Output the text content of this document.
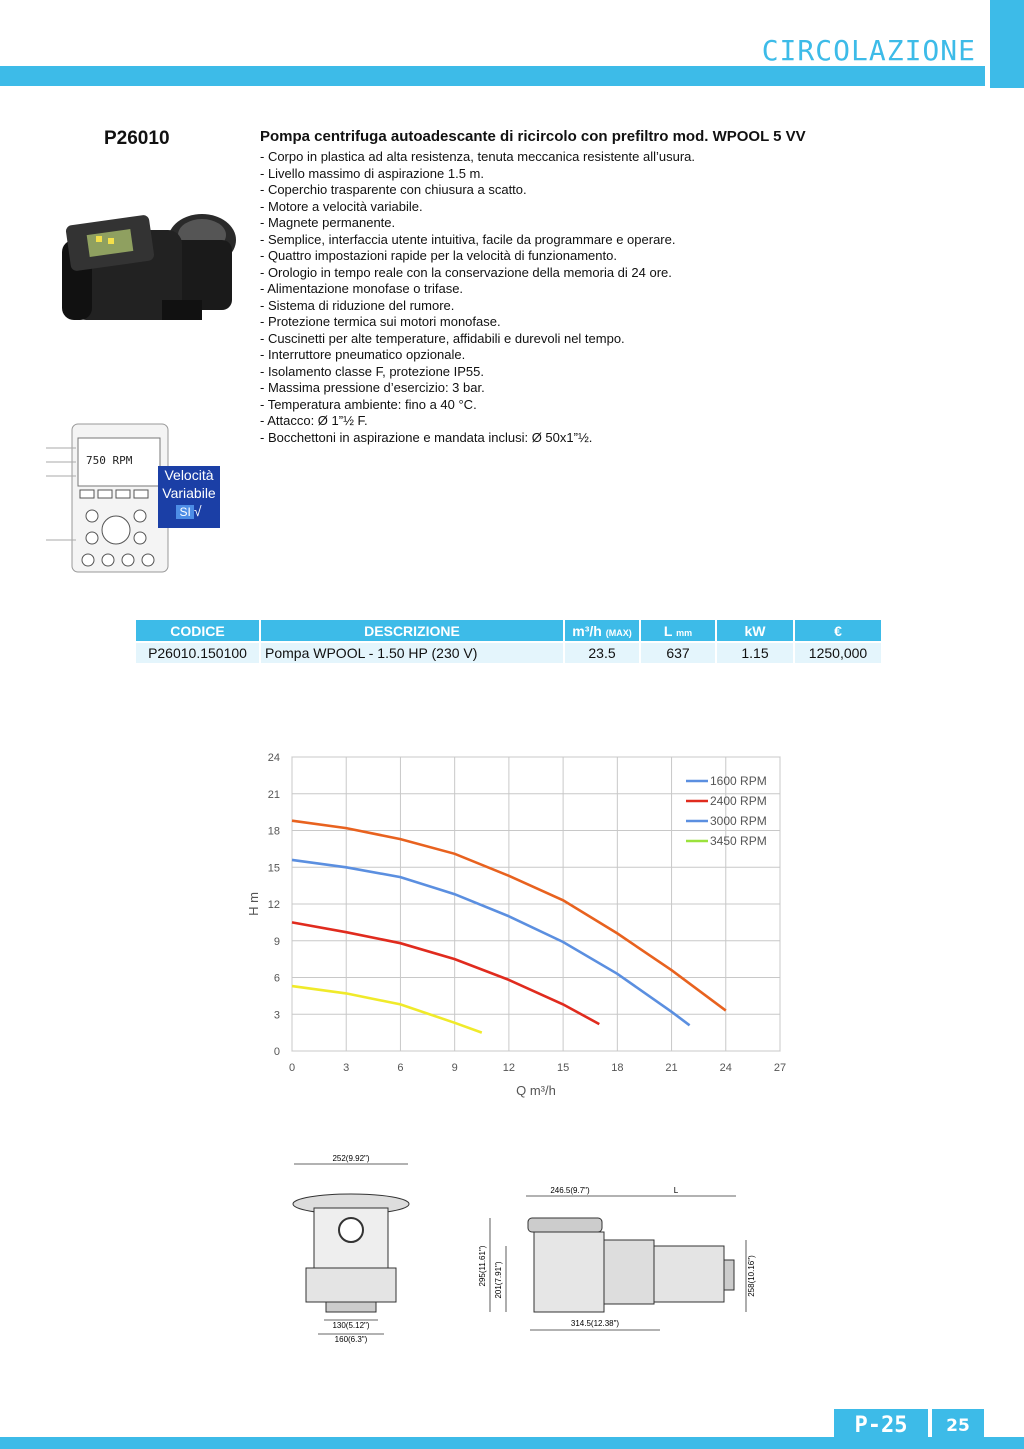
CIRCOLAZIONE
P26010	Pompa centrifuga autoadescante di ricircolo con prefiltro mod. WPOOL 5 VV
- Corpo in plastica ad alta resistenza, tenuta meccanica resistente all’usura.
- Livello massimo di aspirazione 1.5 m.
- Coperchio trasparente con chiusura a scatto.
- Motore a velocità variabile.
- Magnete permanente.
- Semplice, interfaccia utente intuitiva, facile da programmare e operare.
- Quattro impostazioni rapide per la velocità di funzionamento.
- Orologio in tempo reale con la conservazione della memoria di 24 ore.
- Alimentazione monofase o trifase.
- Sistema di riduzione del rumore.
- Protezione termica sui motori monofase.
- Cuscinetti per alte temperature, affidabili e durevoli nel tempo.
- Interruttore pneumatico opzionale.
- Isolamento classe F, protezione IP55.
- Massima pressione d’esercizio: 3 bar.
- Temperatura ambiente: fino a 40 °C.
- Attacco: Ø 1”½ F.
- Bocchettoni in aspirazione e mandata inclusi: Ø 50x1”½.
750 RPM
Velocità
Variabile
SI √
CODICE	DESCRIZIONE	m³/h (MAX)	L mm	kW	€
P26010.150100	Pompa WPOOL - 1.50 HP (230 V)	23.5	637	1.15	1250,000
0	3	6	9	12	15	18	21	24	27
0
3
6
9
12
15
18
21
24
Q m³/h
H m
1600 RPM
2400 RPM
3000 RPM
3450 RPM
252(9.92")
130(5.12")
160(6.3")
246.5(9.7")	L
314.5(12.38")
295(11.61") 201(7.91")	258(10.16")
P-25	25
